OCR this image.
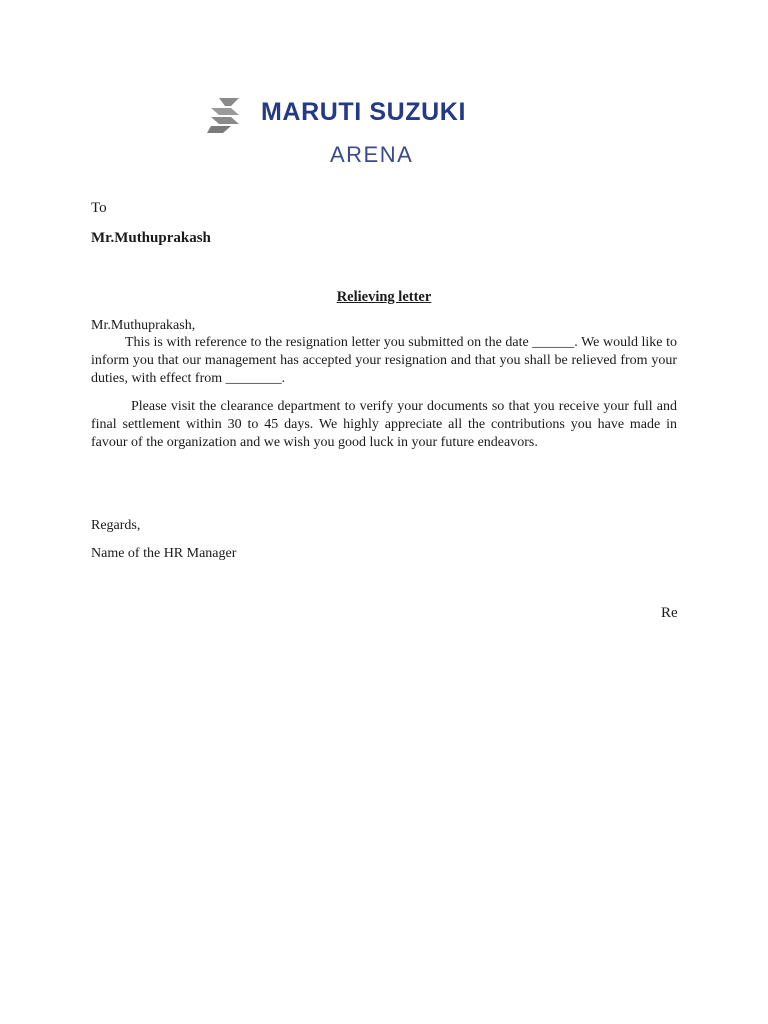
MARUTI SUZUKI
ARENA
To
Mr.Muthuprakash
Relieving letter
Mr.Muthuprakash,
This is with reference to the resignation letter you submitted on the date ______. We would like to inform you that our management has accepted your resignation and that you shall be relieved from your duties, with effect from ________.
Please visit the clearance department to verify your documents so that you receive your full and final settlement within 30 to 45 days. We highly appreciate all the contributions you have made in favour of the organization and we wish you good luck in your future endeavors.
Regards,
Name of the HR Manager
Re
